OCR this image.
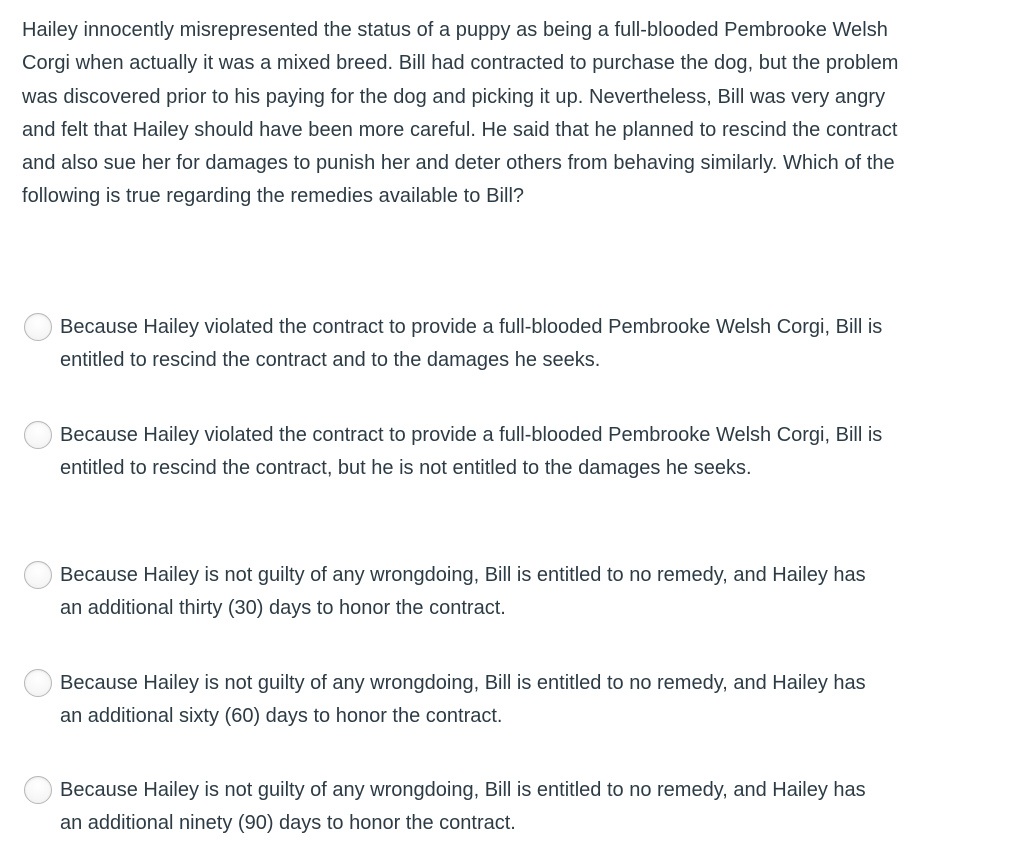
Hailey innocently misrepresented the status of a puppy as being a full-blooded Pembrooke Welsh Corgi when actually it was a mixed breed. Bill had contracted to purchase the dog, but the problem was discovered prior to his paying for the dog and picking it up. Nevertheless, Bill was very angry and felt that Hailey should have been more careful. He said that he planned to rescind the contract and also sue her for damages to punish her and deter others from behaving similarly. Which of the following is true regarding the remedies available to Bill?
Because Hailey violated the contract to provide a full-blooded Pembrooke Welsh Corgi, Bill is entitled to rescind the contract and to the damages he seeks.
Because Hailey violated the contract to provide a full-blooded Pembrooke Welsh Corgi, Bill is entitled to rescind the contract, but he is not entitled to the damages he seeks.
Because Hailey is not guilty of any wrongdoing, Bill is entitled to no remedy, and Hailey has an additional thirty (30) days to honor the contract.
Because Hailey is not guilty of any wrongdoing, Bill is entitled to no remedy, and Hailey has an additional sixty (60) days to honor the contract.
Because Hailey is not guilty of any wrongdoing, Bill is entitled to no remedy, and Hailey has an additional ninety (90) days to honor the contract.
